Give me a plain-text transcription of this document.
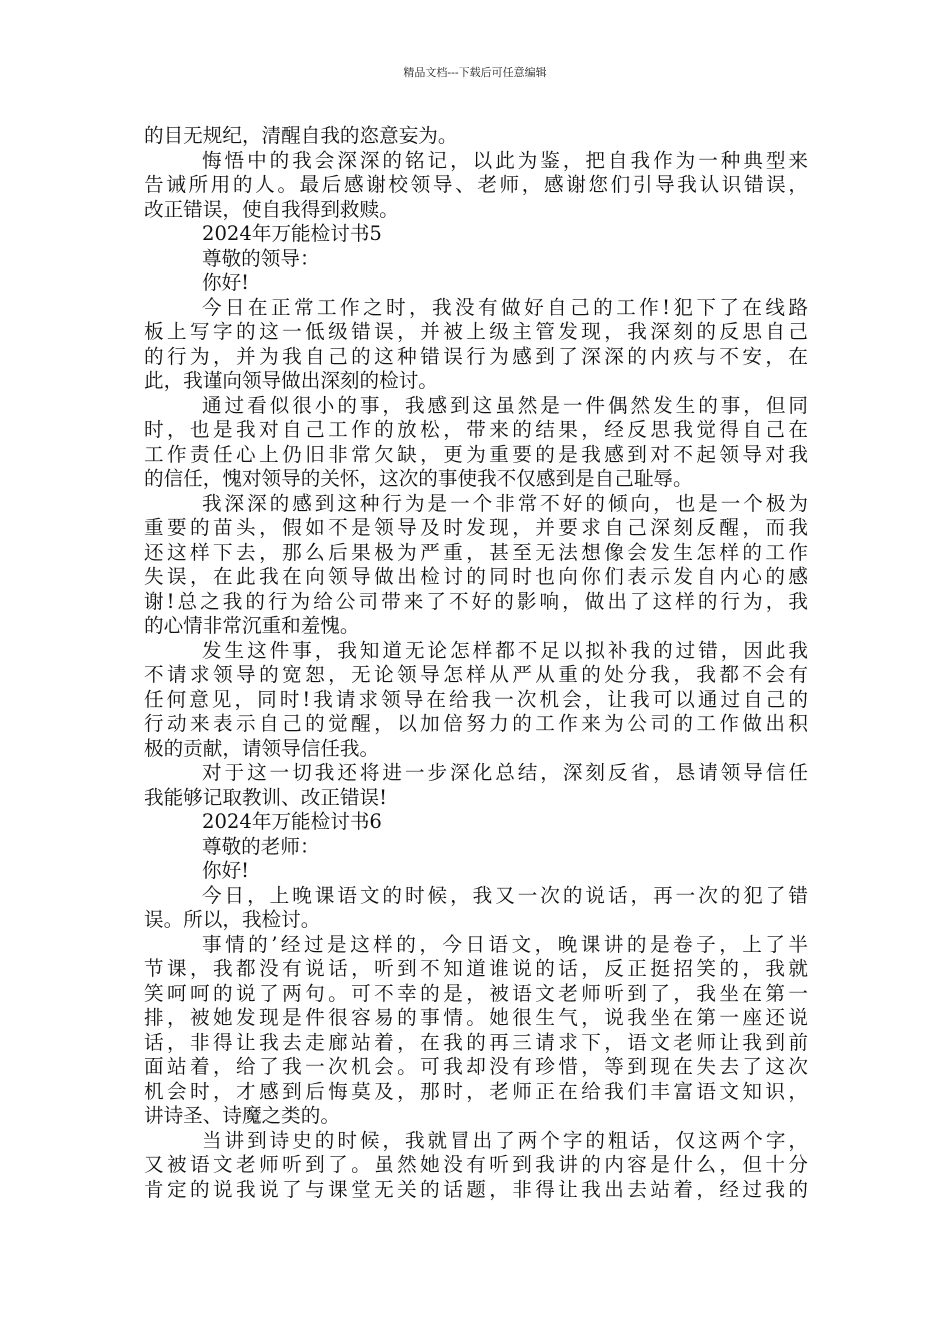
精品文档---下载后可任意编辑
的目无规纪，清醒自我的恣意妄为。
悔悟中的我会深深的铭记，以此为鉴，把自我作为一种典型来
告诫所用的人。最后感谢校领导、老师，感谢您们引导我认识错误，
改正错误，使自我得到救赎。
2024年万能检讨书5
尊敬的领导：
你好!
今日在正常工作之时，我没有做好自己的工作!犯下了在线路
板上写字的这一低级错误，并被上级主管发现，我深刻的反思自己
的行为，并为我自己的这种错误行为感到了深深的内疚与不安，在
此，我谨向领导做出深刻的检讨。
通过看似很小的事，我感到这虽然是一件偶然发生的事，但同
时，也是我对自己工作的放松，带来的结果，经反思我觉得自己在
工作责任心上仍旧非常欠缺，更为重要的是我感到对不起领导对我
的信任，愧对领导的关怀，这次的事使我不仅感到是自己耻辱。
我深深的感到这种行为是一个非常不好的倾向，也是一个极为
重要的苗头，假如不是领导及时发现，并要求自己深刻反醒，而我
还这样下去，那么后果极为严重，甚至无法想像会发生怎样的工作
失误，在此我在向领导做出检讨的同时也向你们表示发自内心的感
谢!总之我的行为给公司带来了不好的影响，做出了这样的行为，我
的心情非常沉重和羞愧。
发生这件事，我知道无论怎样都不足以拟补我的过错，因此我
不请求领导的宽恕，无论领导怎样从严从重的处分我，我都不会有
任何意见，同时!我请求领导在给我一次机会，让我可以通过自己的
行动来表示自己的觉醒，以加倍努力的工作来为公司的工作做出积
极的贡献，请领导信任我。
对于这一切我还将进一步深化总结，深刻反省，恳请领导信任
我能够记取教训、改正错误!
2024年万能检讨书6
尊敬的老师：
你好!
今日，上晚课语文的时候，我又一次的说话，再一次的犯了错
误。所以，我检讨。
事情的’经过是这样的，今日语文，晚课讲的是卷子，上了半
节课，我都没有说话，听到不知道谁说的话，反正挺招笑的，我就
笑呵呵的说了两句。可不幸的是，被语文老师听到了，我坐在第一
排，被她发现是件很容易的事情。她很生气，说我坐在第一座还说
话，非得让我去走廊站着，在我的再三请求下，语文老师让我到前
面站着，给了我一次机会。可我却没有珍惜，等到现在失去了这次
机会时，才感到后悔莫及，那时，老师正在给我们丰富语文知识，
讲诗圣、诗魔之类的。
当讲到诗史的时候，我就冒出了两个字的粗话，仅这两个字，
又被语文老师听到了。虽然她没有听到我讲的内容是什么，但十分
肯定的说我说了与课堂无关的话题，非得让我出去站着，经过我的
